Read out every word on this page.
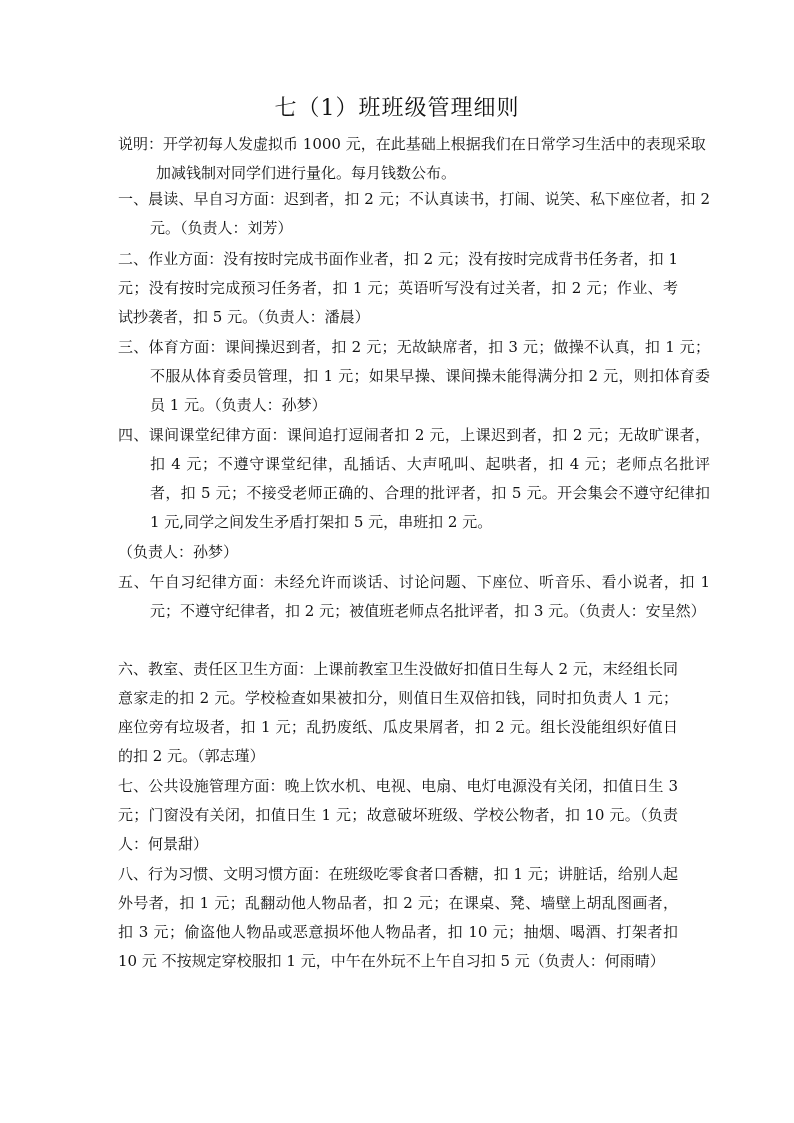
七（1）班班级管理细则
说明：开学初每人发虚拟币 1000 元，在此基础上根据我们在日常学习生活中的表现采取加减钱制对同学们进行量化。每月钱数公布。
一、晨读、早自习方面：迟到者，扣 2 元；不认真读书，打闹、说笑、私下座位者，扣 2 元。（负责人：刘芳）
二、作业方面：没有按时完成书面作业者，扣 2 元；没有按时完成背书任务者，扣 1 元；没有按时完成预习任务者，扣 1 元；英语听写没有过关者，扣 2 元；作业、考试抄袭者，扣 5 元。（负责人：潘晨）
三、体育方面：课间操迟到者，扣 2 元；无故缺席者，扣 3 元；做操不认真，扣 1 元；不服从体育委员管理，扣 1 元；如果早操、课间操未能得满分扣 2 元，则扣体育委员 1 元。（负责人：孙梦）
四、课间课堂纪律方面：课间追打逗闹者扣 2 元，上课迟到者，扣 2 元；无故旷课者，扣 4 元；不遵守课堂纪律，乱插话、大声吼叫、起哄者，扣 4 元；老师点名批评者，扣 5 元；不接受老师正确的、合理的批评者，扣 5 元。开会集会不遵守纪律扣 1 元,同学之间发生矛盾打架扣 5 元，串班扣 2 元。
（负责人：孙梦）
五、午自习纪律方面：未经允许而谈话、讨论问题、下座位、听音乐、看小说者，扣 1 元；不遵守纪律者，扣 2 元；被值班老师点名批评者，扣 3 元。（负责人：安呈然）
六、教室、责任区卫生方面：上课前教室卫生没做好扣值日生每人 2 元，末经组长同意家走的扣 2 元。学校检查如果被扣分，则值日生双倍扣钱，同时扣负责人 1 元；座位旁有垃圾者，扣 1 元；乱扔废纸、瓜皮果屑者，扣 2 元。组长没能组织好值日的扣 2 元。（郭志瑾）
七、公共设施管理方面：晚上饮水机、电视、电扇、电灯电源没有关闭，扣值日生 3 元；门窗没有关闭，扣值日生 1 元；故意破坏班级、学校公物者，扣 10 元。（负责人：何景甜）
八、行为习惯、文明习惯方面：在班级吃零食者口香糖，扣 1 元；讲脏话，给别人起外号者，扣 1 元；乱翻动他人物品者，扣 2 元；在课桌、凳、墙壁上胡乱图画者，扣 3 元；偷盗他人物品或恶意损坏他人物品者，扣 10 元；抽烟、喝酒、打架者扣 10 元 不按规定穿校服扣 1 元，中午在外玩不上午自习扣 5 元（负责人：何雨晴）
